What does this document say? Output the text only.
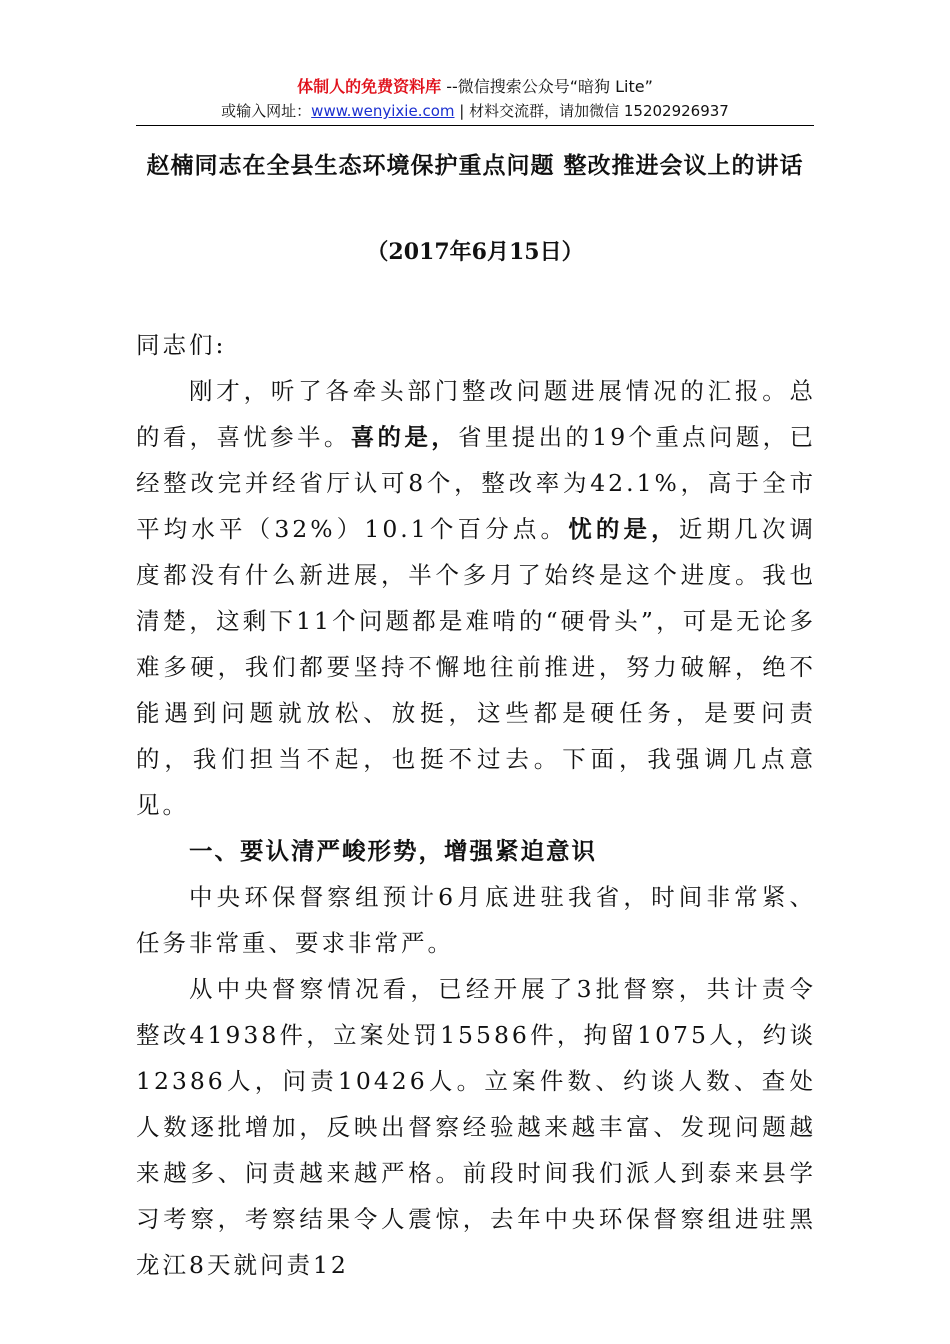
体制人的免费资料库 --微信搜索公众号“暗狗 Lite”
或输入网址：www.wenyixie.com | 材料交流群，请加微信 15202926937
赵楠同志在全县生态环境保护重点问题 整改推进会议上的讲话
（2017年6月15日）

同志们:

刚才，听了各牵头部门整改问题进展情况的汇报。总的看，喜忧参半。喜的是，省里提出的19个重点问题，已经整改完并经省厅认可8个，整改率为42.1%，高于全市平均水平（32%）10.1个百分点。忧的是，近期几次调度都没有什么新进展，半个多月了始终是这个进度。我也清楚，这剩下11个问题都是难啃的“硬骨头”，可是无论多难多硬，我们都要坚持不懈地往前推进，努力破解，绝不能遇到问题就放松、放挺，这些都是硬任务，是要问责的，我们担当不起，也挺不过去。下面，我强调几点意见。

一、要认清严峻形势，增强紧迫意识

中央环保督察组预计6月底进驻我省，时间非常紧、任务非常重、要求非常严。

从中央督察情况看，已经开展了3批督察，共计责令整改41938件，立案处罚15586件，拘留1075人，约谈12386人，问责10426人。立案件数、约谈人数、查处人数逐批增加，反映出督察经验越来越丰富、发现问题越来越多、问责越来越严格。前段时间我们派人到泰来县学习考察，考察结果令人震惊，去年中央环保督察组进驻黑龙江8天就问责12
